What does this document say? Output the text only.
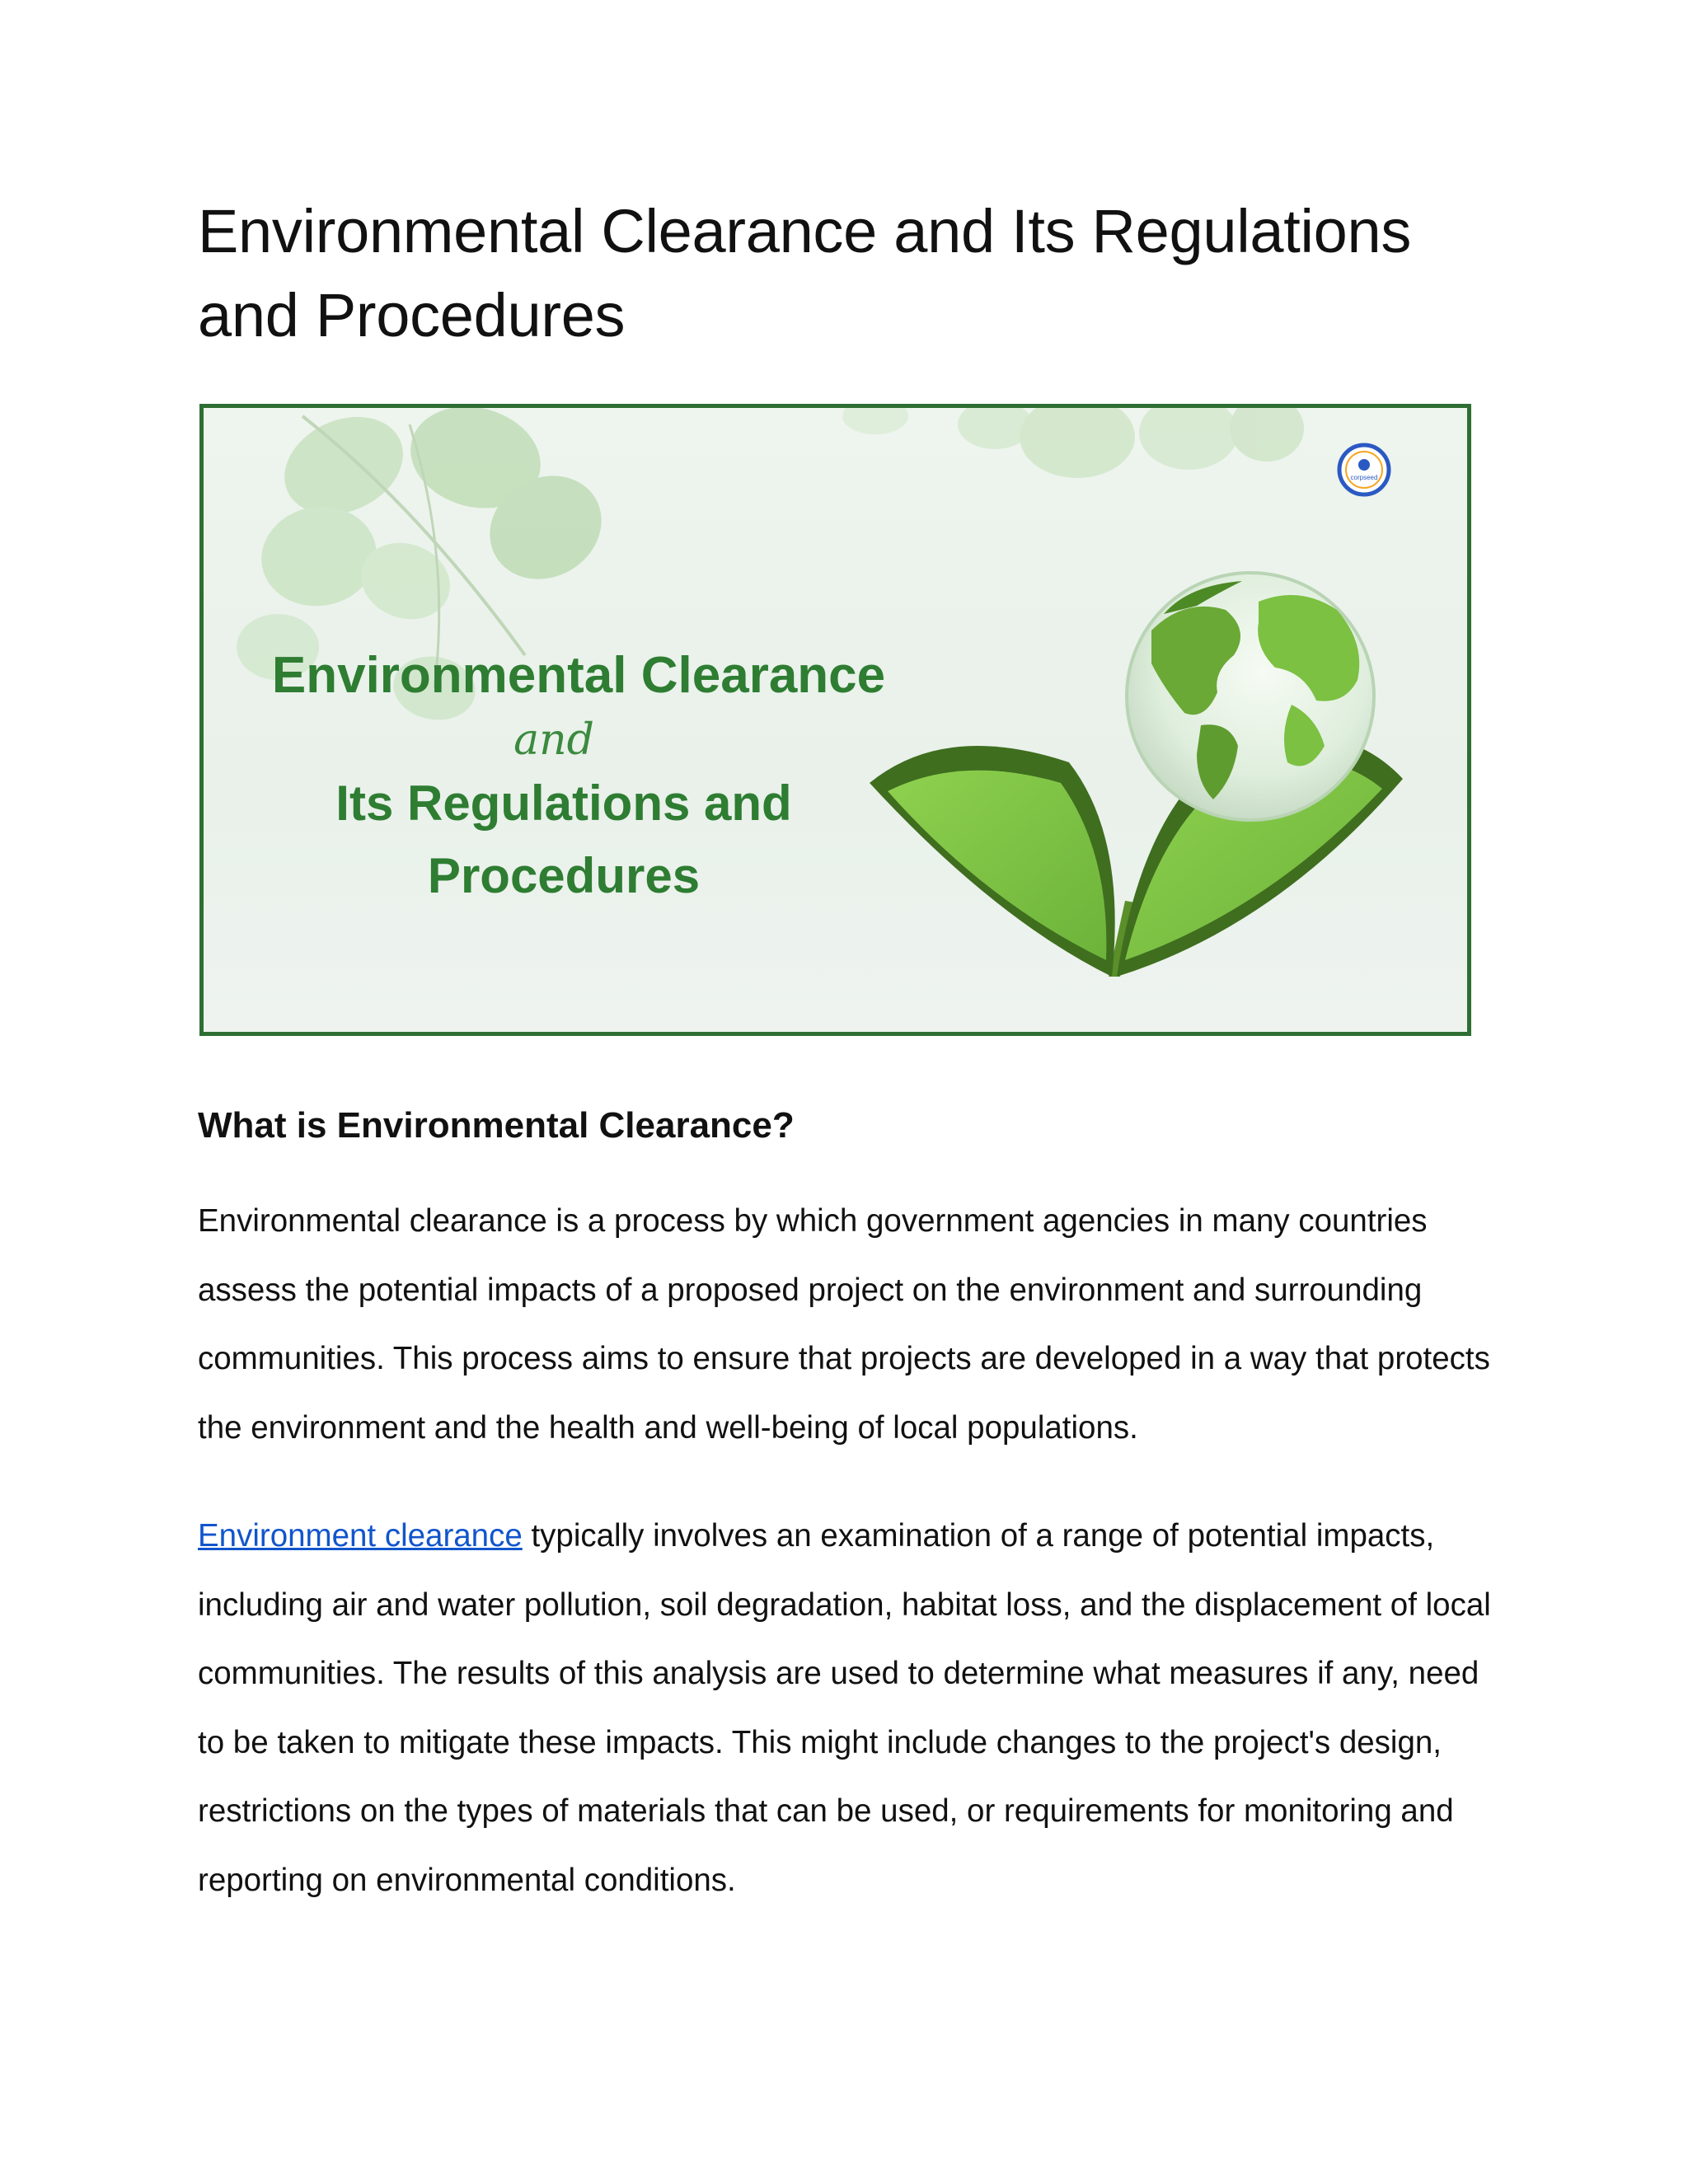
Environmental Clearance and Its Regulations and Procedures
corpseed
Environmental Clearance
and
Its Regulations and
Procedures
What is Environmental Clearance?

Environmental clearance is a process by which government agencies in many countries assess the potential impacts of a proposed project on the environment and surrounding communities. This process aims to ensure that projects are developed in a way that protects the environment and the health and well-being of local populations.

Environment clearance typically involves an examination of a range of potential impacts, including air and water pollution, soil degradation, habitat loss, and the displacement of local communities. The results of this analysis are used to determine what measures if any, need to be taken to mitigate these impacts. This might include changes to the project's design, restrictions on the types of materials that can be used, or requirements for monitoring and reporting on environmental conditions.
